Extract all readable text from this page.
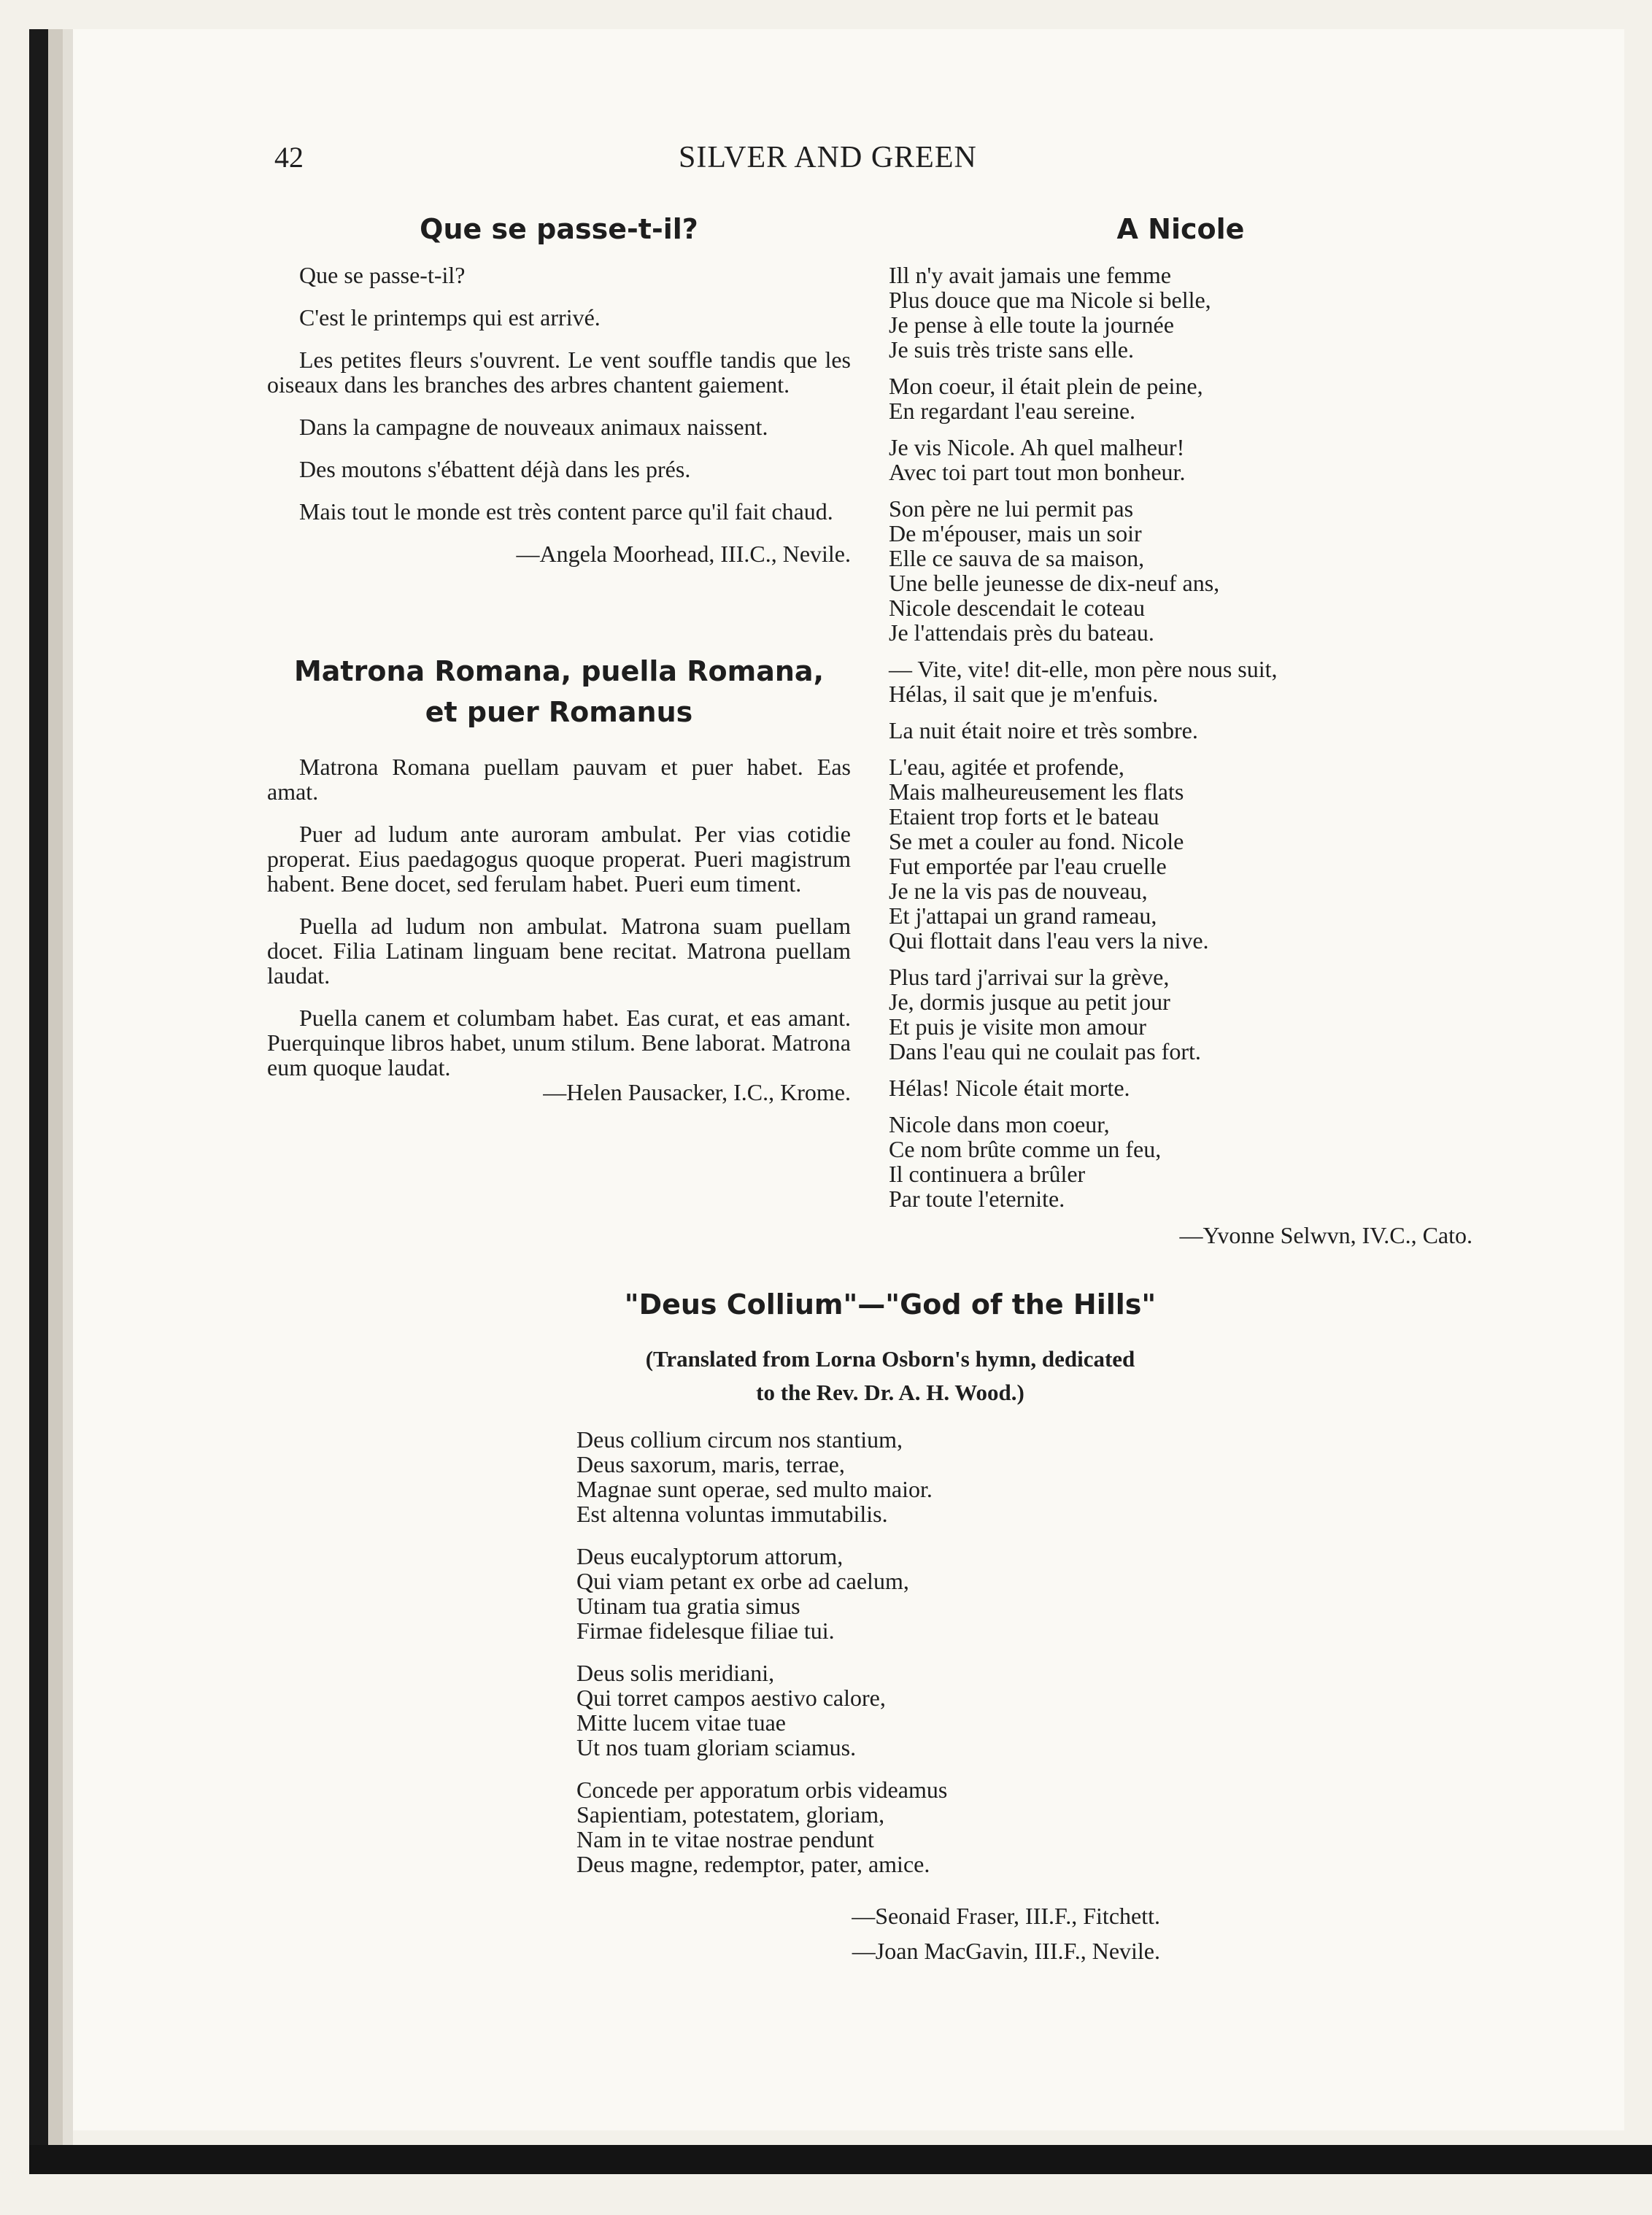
42	SILVER AND GREEN
Que se passe-t-il?

Que se passe-t-il?

C'est le printemps qui est arrivé.

Les petites fleurs s'ouvrent. Le vent souffle tandis que les oiseaux dans les branches des arbres chantent gaiement.

Dans la campagne de nouveaux animaux naissent.

Des moutons s'ébattent déjà dans les prés.

Mais tout le monde est très content parce qu'il fait chaud.

—Angela Moorhead, III.C., Nevile.

Matrona Romana, puella Romana,
et puer Romanus

Matrona Romana puellam pauvam et puer habet. Eas amat.

Puer ad ludum ante auroram ambulat. Per vias cotidie properat. Eius paedagogus quoque properat. Pueri magistrum habent. Bene docet, sed ferulam habet. Pueri eum timent.

Puella ad ludum non ambulat. Matrona suam puellam docet. Filia Latinam linguam bene recitat. Matrona puellam laudat.

Puella canem et columbam habet. Eas curat, et eas amant. Puerquinque libros habet, unum stilum. Bene laborat. Matrona eum quoque laudat.

—Helen Pausacker, I.C., Krome.

A Nicole

Ill n'y avait jamais une femme
Plus douce que ma Nicole si belle,
Je pense à elle toute la journée
Je suis très triste sans elle.

Mon coeur, il était plein de peine,
En regardant l'eau sereine.

Je vis Nicole. Ah quel malheur!
Avec toi part tout mon bonheur.

Son père ne lui permit pas
De m'épouser, mais un soir
Elle ce sauva de sa maison,
Une belle jeunesse de dix-neuf ans,
Nicole descendait le coteau
Je l'attendais près du bateau.

— Vite, vite! dit-elle, mon père nous suit,
Hélas, il sait que je m'enfuis.

La nuit était noire et très sombre.

L'eau, agitée et profende,
Mais malheureusement les flats
Etaient trop forts et le bateau
Se met a couler au fond. Nicole
Fut emportée par l'eau cruelle
Je ne la vis pas de nouveau,
Et j'attapai un grand rameau,
Qui flottait dans l'eau vers la nive.

Plus tard j'arrivai sur la grève,
Je, dormis jusque au petit jour
Et puis je visite mon amour
Dans l'eau qui ne coulait pas fort.

Hélas! Nicole était morte.

Nicole dans mon coeur,
Ce nom brûte comme un feu,
Il continuera a brûler
Par toute l'eternite.

—Yvonne Selwvn, IV.C., Cato.

"Deus Collium"—"God of the Hills"
(Translated from Lorna Osborn's hymn, dedicated
to the Rev. Dr. A. H. Wood.)

Deus collium circum nos stantium,
Deus saxorum, maris, terrae,
Magnae sunt operae, sed multo maior.
Est altenna voluntas immutabilis.

Deus eucalyptorum attorum,
Qui viam petant ex orbe ad caelum,
Utinam tua gratia simus
Firmae fidelesque filiae tui.

Deus solis meridiani,
Qui torret campos aestivo calore,
Mitte lucem vitae tuae
Ut nos tuam gloriam sciamus.

Concede per apporatum orbis videamus
Sapientiam, potestatem, gloriam,
Nam in te vitae nostrae pendunt
Deus magne, redemptor, pater, amice.

—Seonaid Fraser, III.F., Fitchett.
—Joan MacGavin, III.F., Nevile.
